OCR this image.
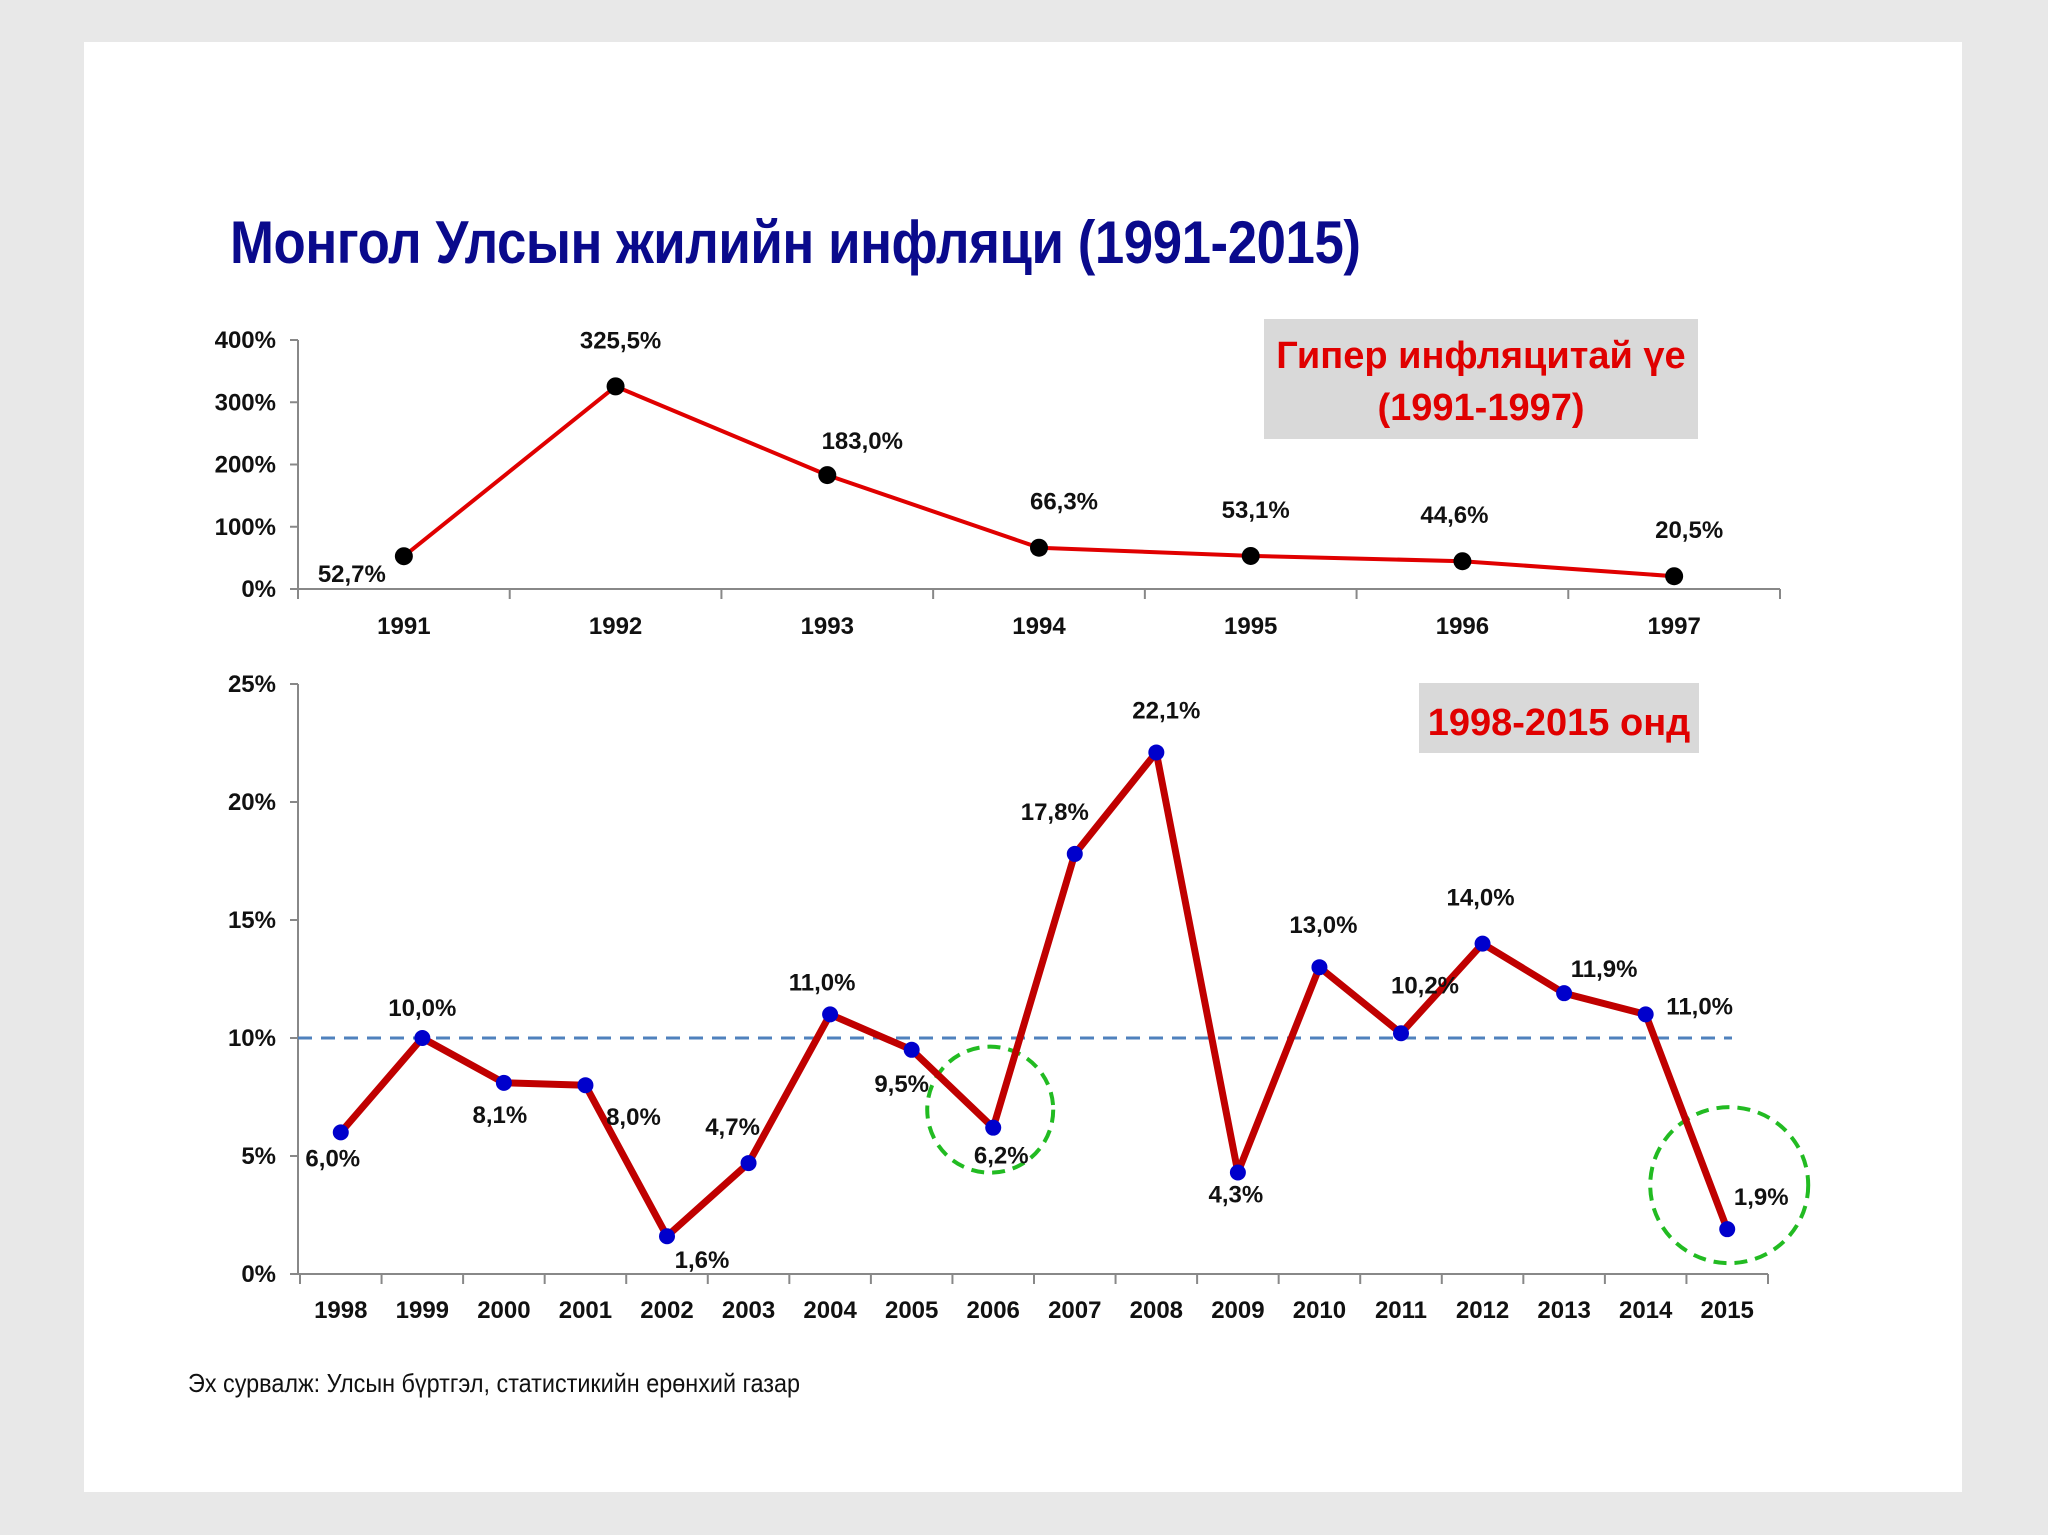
Монгол Улсын жилийн инфляци (1991-2015)
0%
100%
200%
300%
400%
1991	1992	1993	1994	1995	1996	1997
52,7%
325,5%
183,0%
66,3%	53,1%	44,6%
20,5%
Гипер инфляцитай үе
(1991-1997)
0%
5%
10%
15%
20%
25%
1998 1999 2000 2001 2002 2003 2004 2005 2006 2007 2008 2009 2010 2011 2012 2013 2014 2015
6,0%
10,0%
8,1%	8,0%
1,6%
4,7%
11,0%
9,5%
6,2%
17,8%
22,1%
4,3%
13,0%
10,2%
14,0%
11,9%
11,0%
1,9%
1998-2015 онд
Эх сурвалж: Улсын бүртгэл, статистикийн ерөнхий газар
